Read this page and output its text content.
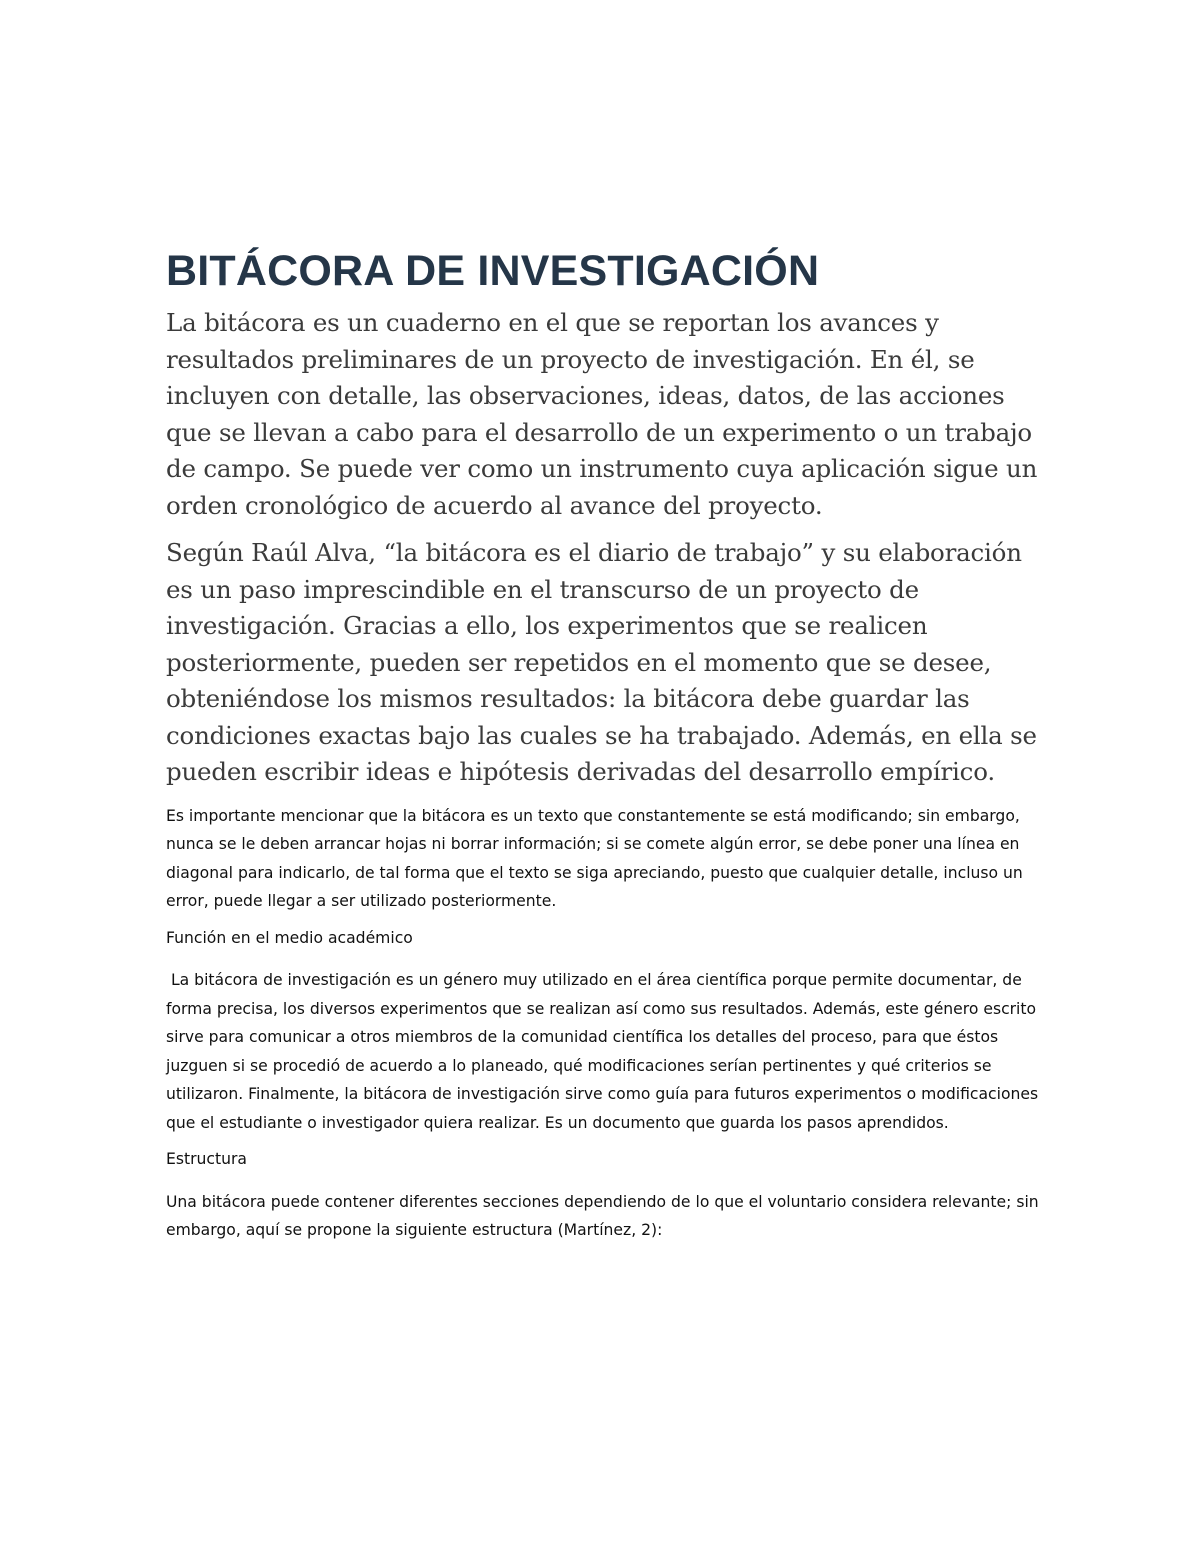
BITÁCORA DE INVESTIGACIÓN

La bitácora es un cuaderno en el que se reportan los avances y resultados preliminares de un proyecto de investigación. En él, se incluyen con detalle, las observaciones, ideas, datos, de las acciones que se llevan a cabo para el desarrollo de un experimento o un trabajo de campo. Se puede ver como un instrumento cuya aplicación sigue un orden cronológico de acuerdo al avance del proyecto.

Según Raúl Alva, “la bitácora es el diario de trabajo” y su elaboración es un paso imprescindible en el transcurso de un proyecto de investigación. Gracias a ello, los experimentos que se realicen posteriormente, pueden ser repetidos en el momento que se desee, obteniéndose los mismos resultados: la bitácora debe guardar las condiciones exactas bajo las cuales se ha trabajado. Además, en ella se pueden escribir ideas e hipótesis derivadas del desarrollo empírico.

Es importante mencionar que la bitácora es un texto que constantemente se está modificando; sin embargo, nunca se le deben arrancar hojas ni borrar información; si se comete algún error, se debe poner una línea en diagonal para indicarlo, de tal forma que el texto se siga apreciando, puesto que cualquier detalle, incluso un error, puede llegar a ser utilizado posteriormente.

Función en el medio académico

La bitácora de investigación es un género muy utilizado en el área científica porque permite documentar, de forma precisa, los diversos experimentos que se realizan así como sus resultados. Además, este género escrito sirve para comunicar a otros miembros de la comunidad científica los detalles del proceso, para que éstos juzguen si se procedió de acuerdo a lo planeado, qué modificaciones serían pertinentes y qué criterios se utilizaron. Finalmente, la bitácora de investigación sirve como guía para futuros experimentos o modificaciones que el estudiante o investigador quiera realizar. Es un documento que guarda los pasos aprendidos.

Estructura

Una bitácora puede contener diferentes secciones dependiendo de lo que el voluntario considera relevante; sin embargo, aquí se propone la siguiente estructura (Martínez, 2):
